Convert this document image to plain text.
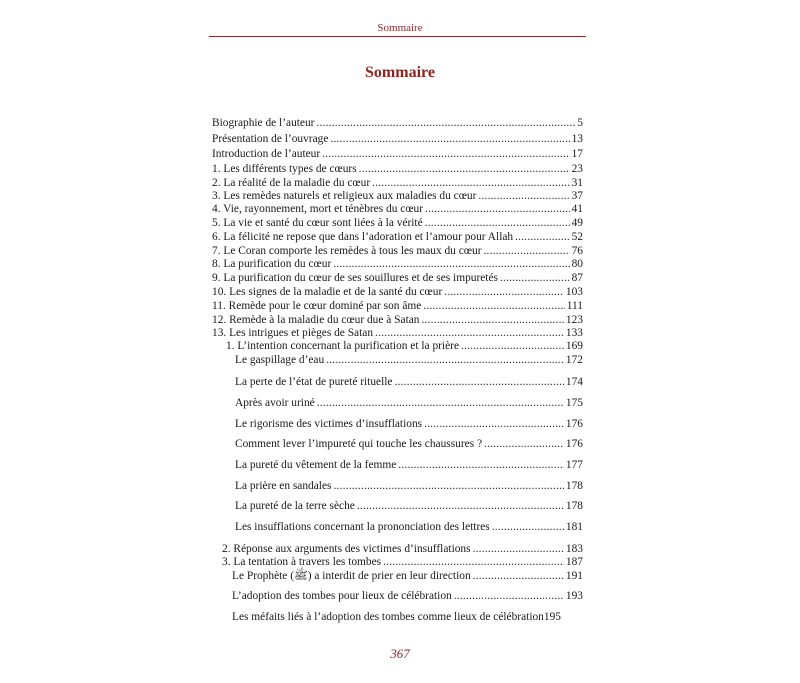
Sommaire
Sommaire
Biographie de l’auteur .....	5
Présentation de l’ouvrage .....	13
Introduction de l’auteur .....	17
1. Les différents types de cœurs .....	23
2. La réalité de la maladie du cœur .....	31
3. Les remèdes naturels et religieux aux maladies du cœur .....	37
4. Vie, rayonnement, mort et ténèbres du cœur .....	41
5. La vie et santé du cœur sont liées à la vérité .....	49
6. La félicité ne repose que dans l’adoration et l’amour pour Allah .....	52
7. Le Coran comporte les remèdes à tous les maux du cœur .....	76
8. La purification du cœur .....	80
9. La purification du cœur de ses souillures et de ses impuretés .....	87
10. Les signes de la maladie et de la santé du cœur .....	103
11. Remède pour le cœur dominé par son âme .....	111
12. Remède à la maladie du cœur due à Satan .....	123
13. Les intrigues et pièges de Satan .....	133
1. L’intention concernant la purification et la prière .....	169
Le gaspillage d’eau .....	172
La perte de l’état de pureté rituelle .....	174
Après avoir uriné .....	175
Le rigorisme des victimes d’insufflations .....	176
Comment lever l’impureté qui touche les chaussures ? .....	176
La pureté du vêtement de la femme .....	177
La prière en sandales .....	178
La pureté de la terre sèche .....	178
Les insufflations concernant la prononciation des lettres .....	181
2. Réponse aux arguments des victimes d’insufflations .....	183
3. La tentation à travers les tombes .....	187
Le Prophète (ﷺ) a interdit de prier en leur direction .....	191
L’adoption des tombes pour lieux de célébration .....	193
Les méfaits liés à l’adoption des tombes comme lieux de célébration 195
367
